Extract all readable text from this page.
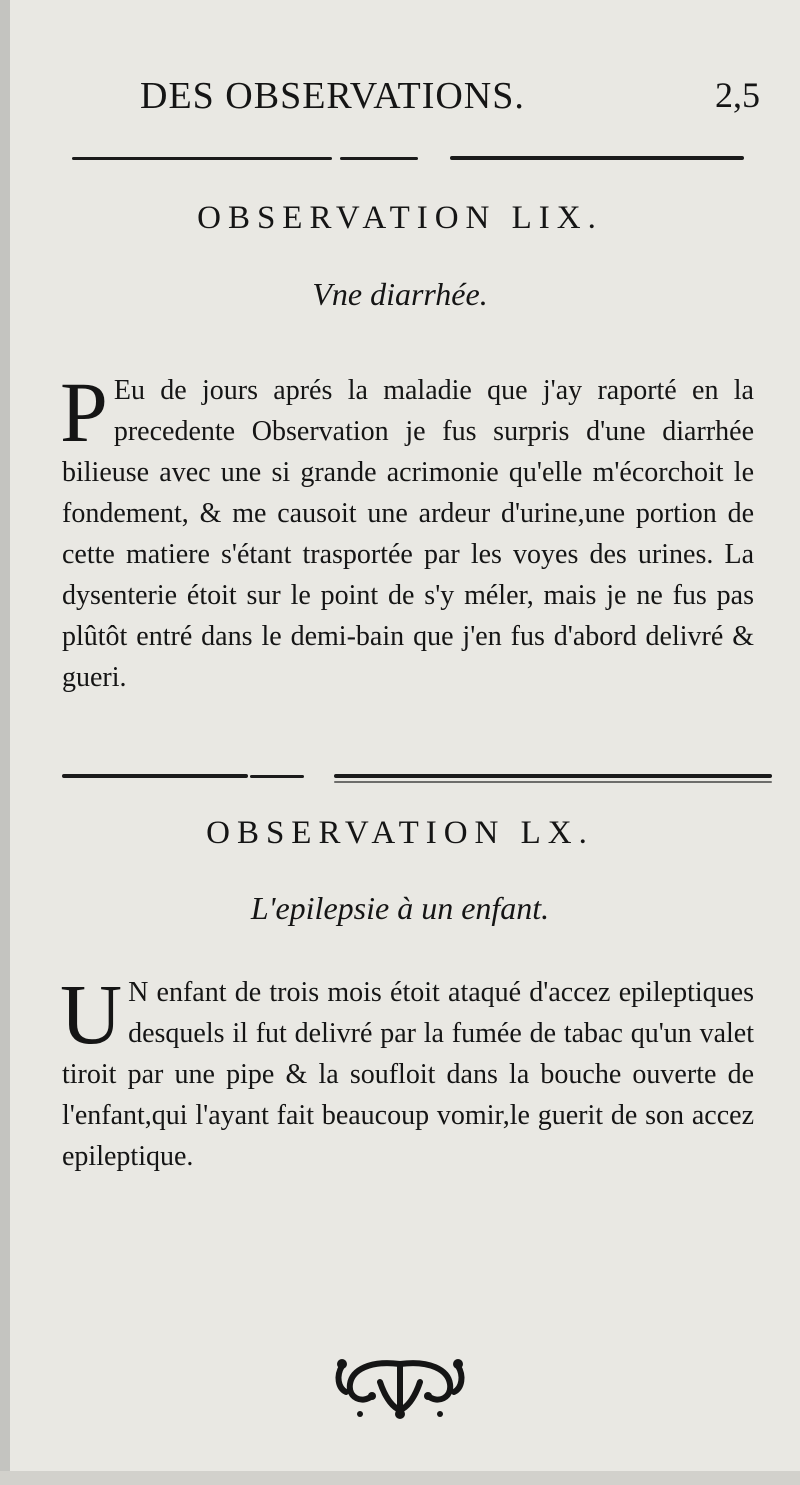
DES OBSERVATIONS.	2,5
OBSERVATION LIX.
Vne diarrhée.
P Eu de jours aprés la maladie que j'ay raporté en la precedente Observation je fus surpris d'une diarrhée bilieuse avec une si grande acrimonie qu'elle m'écorchoit le fondement, & me causoit une ardeur d'urine,une portion de cette matiere s'étant trasportée par les voyes des urines. La dysenterie étoit sur le point de s'y méler, mais je ne fus pas plûtôt entré dans le demi-bain que j'en fus d'abord delivré & gueri.
OBSERVATION LX.
L'epilepsie à un enfant.
U N enfant de trois mois étoit ataqué d'accez epileptiques desquels il fut delivré par la fumée de tabac qu'un valet tiroit par une pipe & la soufloit dans la bouche ouverte de l'enfant,qui l'ayant fait beaucoup vomir,le guerit de son accez epileptique.
